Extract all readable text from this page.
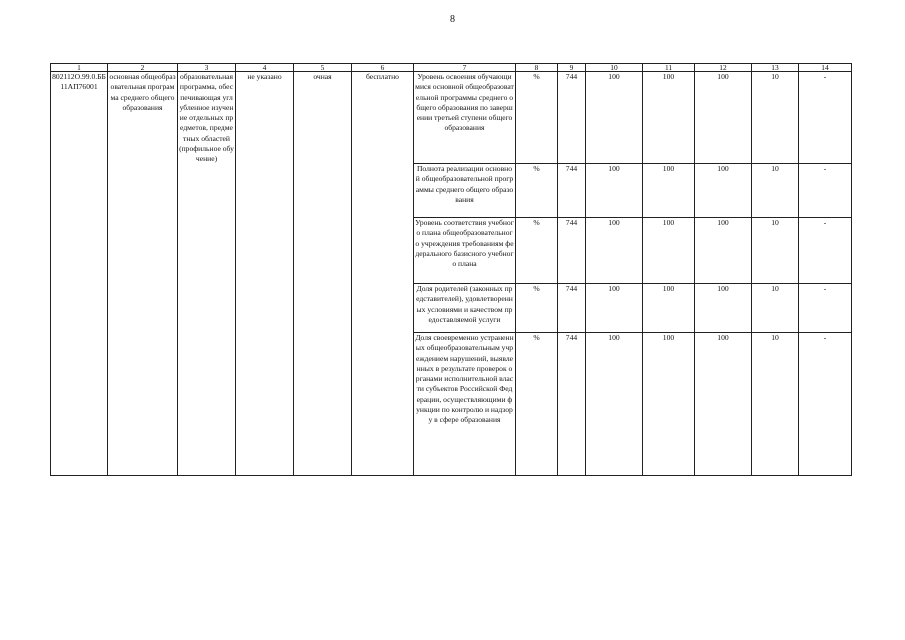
8
1	2	3	4	5	6	7	8	9	10	11	12	13	14
802112О.99.0.ББ11АП76001	основная общеобразовательная программа среднего общего образования	образовательная программа, обеспечивающая углубленное изучение отдельных предметов, предметных областей (профильное обучение)	не указано	очная	бесплатно	Уровень освоения обучающимися основной общеобразовательной программы среднего общего образования по завершении третьей ступени общего образования	%	744	100	100	100	10	-
						Полнота реализации основной общеобразовательной программы среднего общего образования	%	744	100	100	100	10	-
						Уровень соответствия учебного плана общеобразовательного учреждения требованиям федерального базисного учебного плана	%	744	100	100	100	10	-
						Доля родителей (законных представителей), удовлетворенных условиями и качеством предоставляемой услуги	%	744	100	100	100	10	-
						Доля своевременно устраненных общеобразовательным учреждением нарушений, выявленных в результате проверок органами исполнительной власти субъектов Российской Федерации, осуществляющими функции по контролю и надзору в сфере образования	%	744	100	100	100	10	-
